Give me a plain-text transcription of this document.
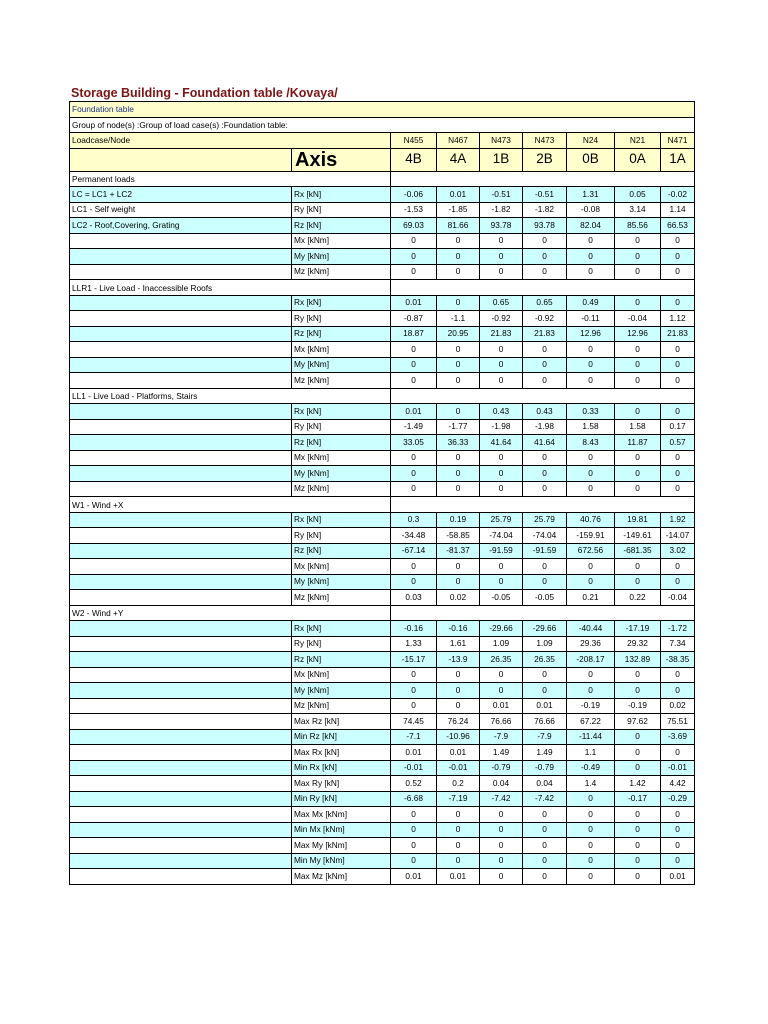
Storage Building - Foundation table /Kovaya/
Foundation table								
Group of node(s) :Group of load case(s) :Foundation table:								
Loadcase/Node		N455	N467	N473	N473	N24	N21	N471
	Axis	4B	4A	1B	2B	0B	0A	1A
Permanent loads								
LC = LC1 + LC2	Rx [kN]	-0.06	0.01	-0.51	-0.51	1.31	0.05	-0.02
LC1 - Self weight	Ry [kN]	-1.53	-1.85	-1.82	-1.82	-0.08	3.14	1.14
LC2 - Roof,Covering, Grating	Rz [kN]	69.03	81.66	93.78	93.78	82.04	85.56	66.53
	Mx [kNm]	0	0	0	0	0	0	0
	My [kNm]	0	0	0	0	0	0	0
	Mz [kNm]	0	0	0	0	0	0	0
LLR1 - Live Load - Inaccessible Roofs								
	Rx [kN]	0.01	0	0.65	0.65	0.49	0	0
	Ry [kN]	-0.87	-1.1	-0.92	-0.92	-0.11	-0.04	1.12
	Rz [kN]	18.87	20.95	21.83	21.83	12.96	12.96	21.83
	Mx [kNm]	0	0	0	0	0	0	0
	My [kNm]	0	0	0	0	0	0	0
	Mz [kNm]	0	0	0	0	0	0	0
LL1 - Live Load - Platforms, Stairs								
	Rx [kN]	0.01	0	0.43	0.43	0.33	0	0
	Ry [kN]	-1.49	-1.77	-1.98	-1.98	1.58	1.58	0.17
	Rz [kN]	33.05	36.33	41.64	41.64	8.43	11.87	0.57
	Mx [kNm]	0	0	0	0	0	0	0
	My [kNm]	0	0	0	0	0	0	0
	Mz [kNm]	0	0	0	0	0	0	0
W1 - Wind +X								
	Rx [kN]	0.3	0.19	25.79	25.79	40.76	19.81	1.92
	Ry [kN]	-34.48	-58.85	-74.04	-74.04	-159.91	-149.61	-14.07
	Rz [kN]	-67.14	-81.37	-91.59	-91.59	672.56	-681.35	3.02
	Mx [kNm]	0	0	0	0	0	0	0
	My [kNm]	0	0	0	0	0	0	0
	Mz [kNm]	0.03	0.02	-0.05	-0.05	0.21	0.22	-0.04
W2 - Wind +Y								
	Rx [kN]	-0.16	-0.16	-29.66	-29.66	-40.44	-17.19	-1.72
	Ry [kN]	1.33	1.61	1.09	1.09	29.36	29.32	7.34
	Rz [kN]	-15.17	-13.9	26.35	26.35	-208.17	132.89	-38.35
	Mx [kNm]	0	0	0	0	0	0	0
	My [kNm]	0	0	0	0	0	0	0
	Mz [kNm]	0	0	0.01	0.01	-0.19	-0.19	0.02
	Max Rz [kN]	74.45	76.24	76.66	76.66	67.22	97.62	75.51
	Min Rz [kN]	-7.1	-10.96	-7.9	-7.9	-11.44	0	-3.69
	Max Rx [kN]	0.01	0.01	1.49	1.49	1.1	0	0
	Min Rx [kN]	-0.01	-0.01	-0.79	-0.79	-0.49	0	-0.01
	Max Ry [kN]	0.52	0.2	0.04	0.04	1.4	1.42	4.42
	Min Ry [kN]	-6.68	-7.19	-7.42	-7.42	0	-0.17	-0.29
	Max Mx [kNm]	0	0	0	0	0	0	0
	Min Mx [kNm]	0	0	0	0	0	0	0
	Max My [kNm]	0	0	0	0	0	0	0
	Min My [kNm]	0	0	0	0	0	0	0
	Max Mz [kNm]	0.01	0.01	0	0	0	0	0.01
